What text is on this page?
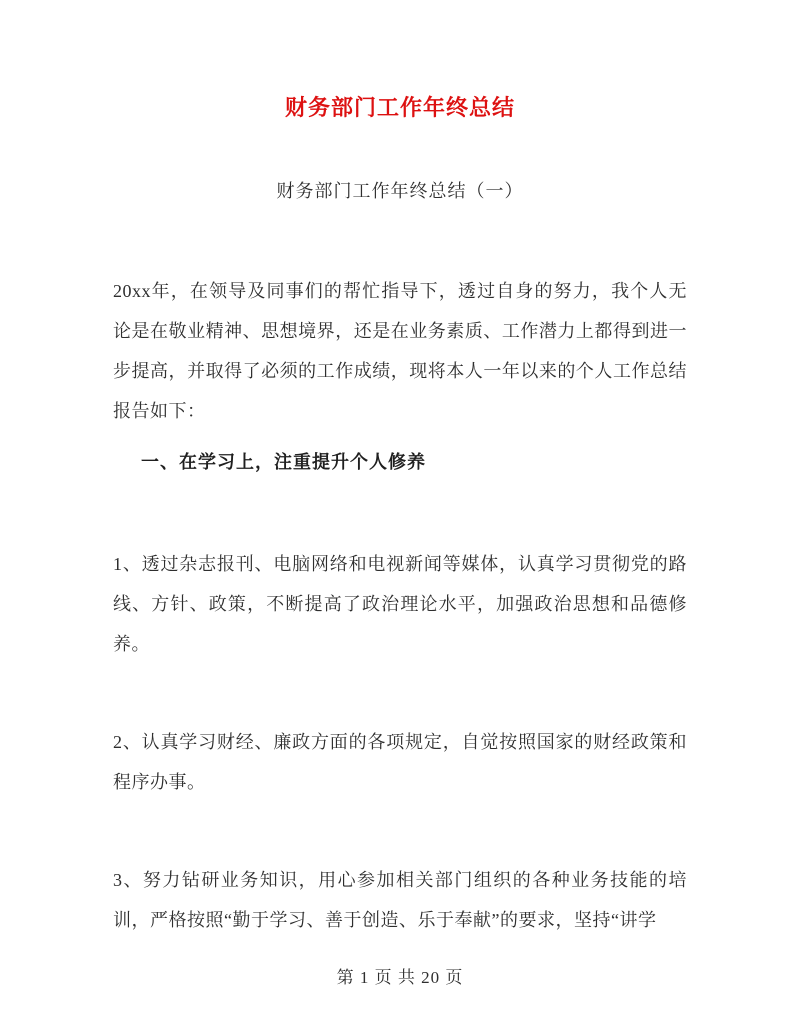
财务部门工作年终总结
财务部门工作年终总结（一）

20xx年，在领导及同事们的帮忙指导下，透过自身的努力，我个人无论是在敬业精神、思想境界，还是在业务素质、工作潜力上都得到进一步提高，并取得了必须的工作成绩，现将本人一年以来的个人工作总结报告如下：

一、在学习上，注重提升个人修养

1、透过杂志报刊、电脑网络和电视新闻等媒体，认真学习贯彻党的路线、方针、政策，不断提高了政治理论水平，加强政治思想和品德修养。

2、认真学习财经、廉政方面的各项规定，自觉按照国家的财经政策和程序办事。

3、努力钻研业务知识，用心参加相关部门组织的各种业务技能的培训，严格按照“勤于学习、善于创造、乐于奉献”的要求，坚持“讲学

第 1 页 共 20 页
